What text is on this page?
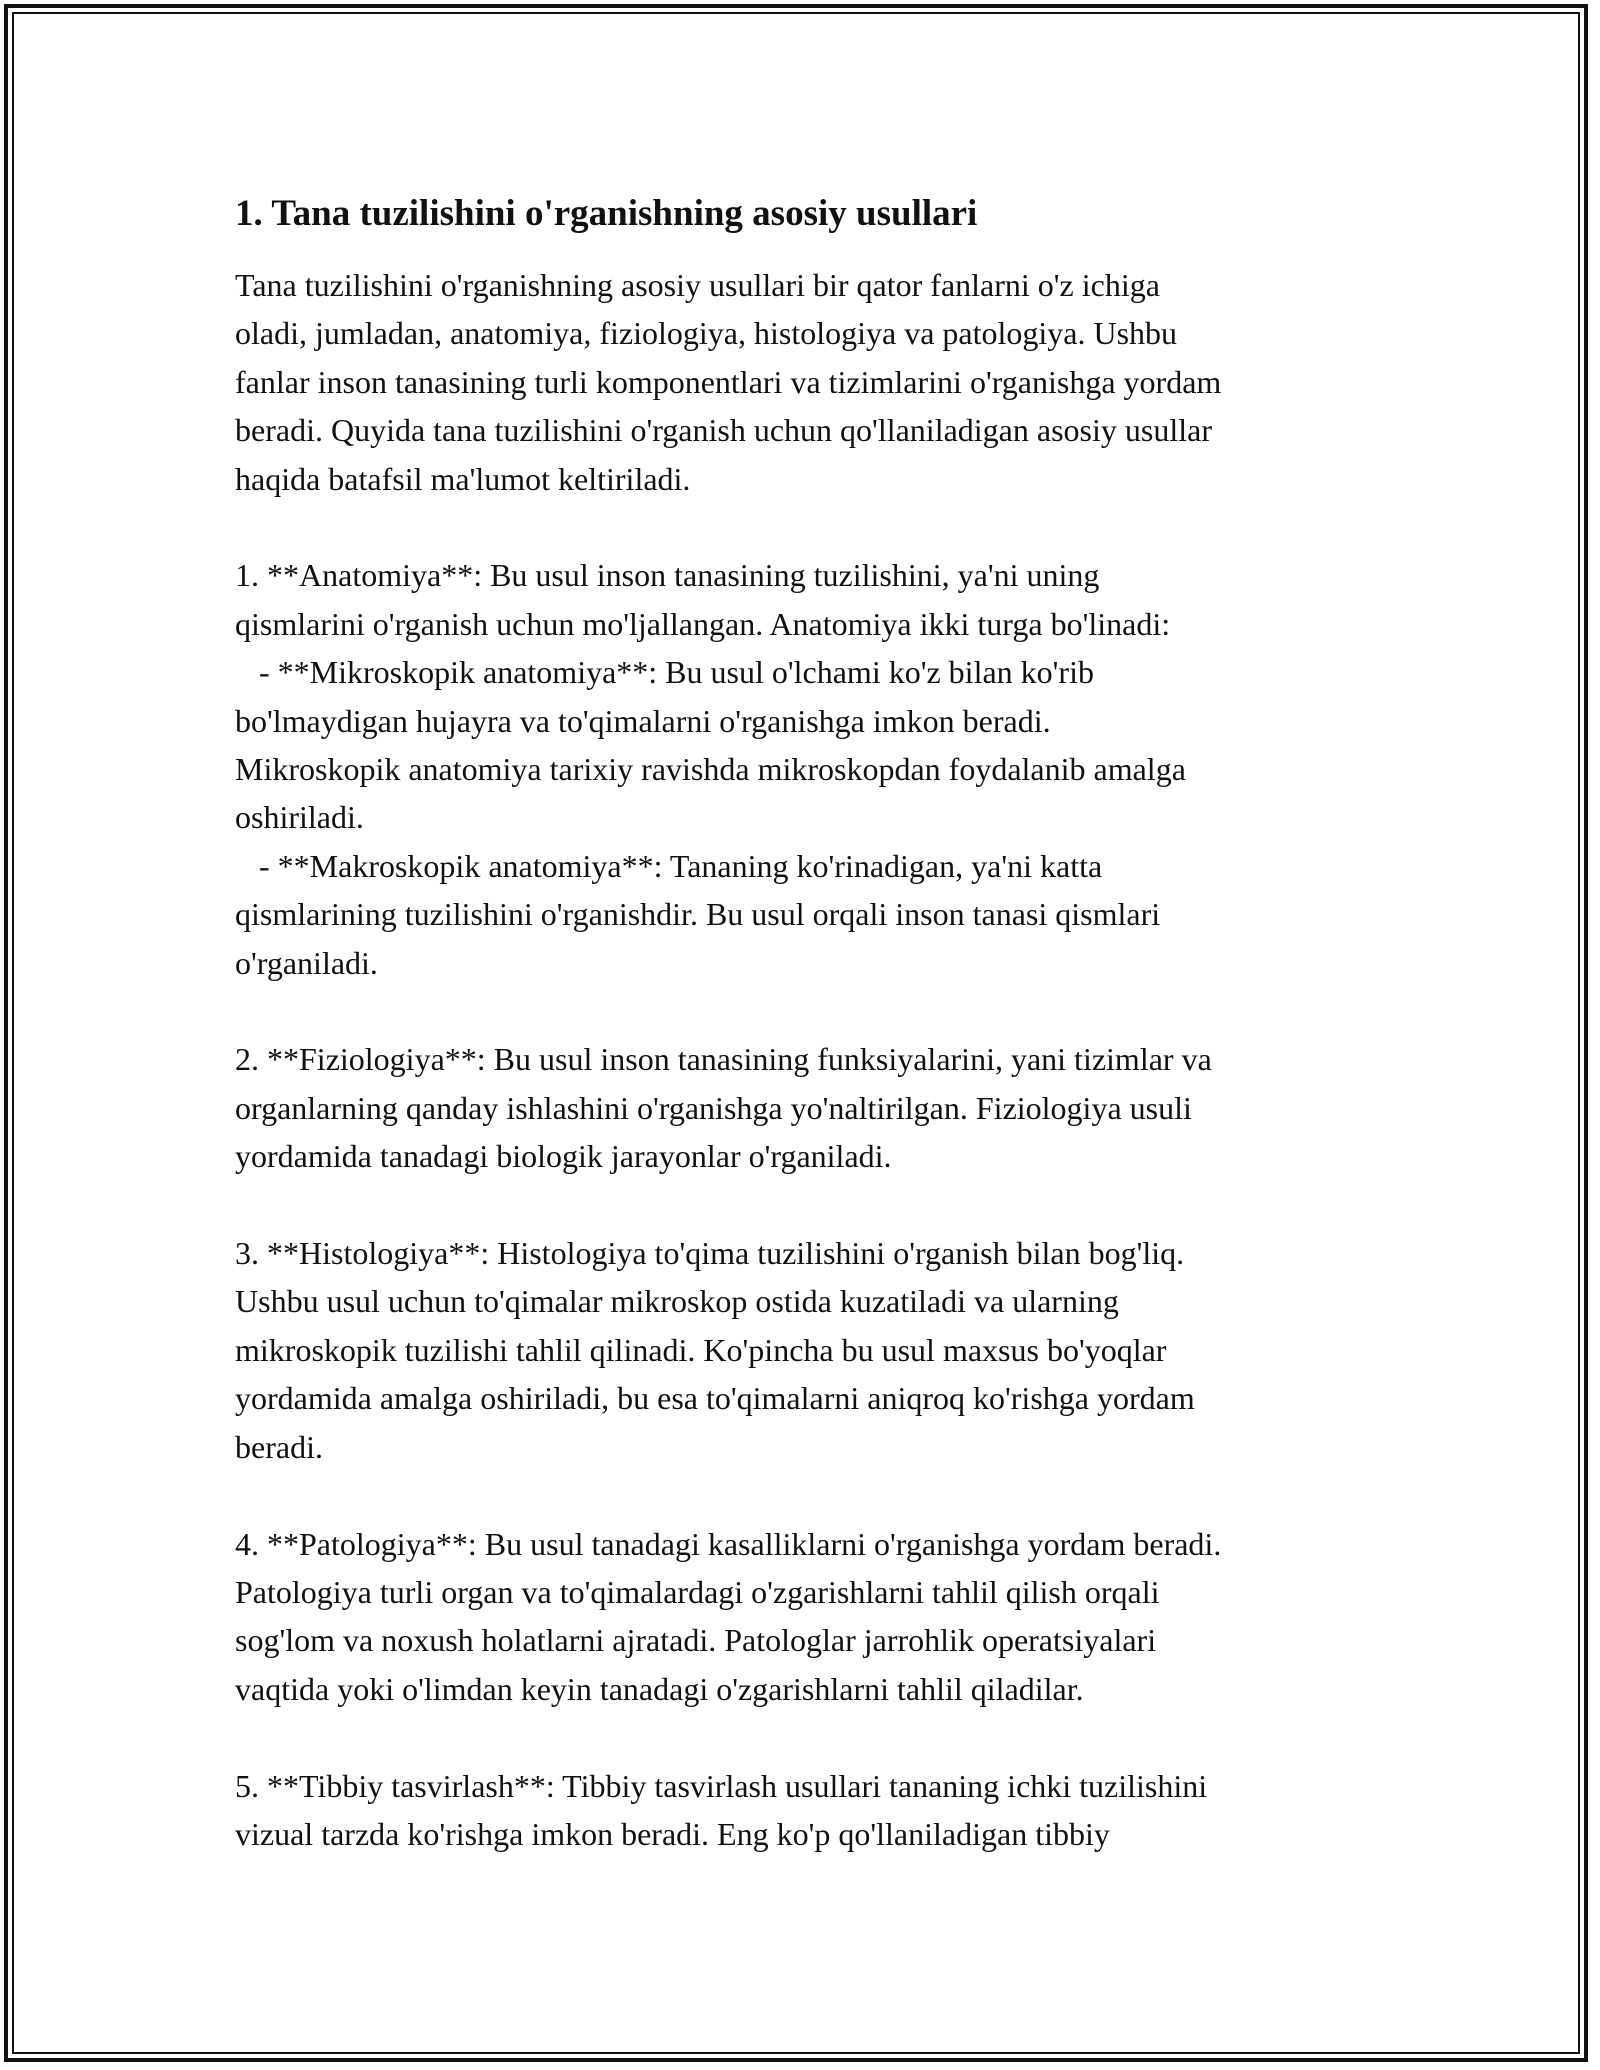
1. Tana tuzilishini o'rganishning asosiy usullari

Tana tuzilishini o'rganishning asosiy usullari bir qator fanlarni o'z ichiga
oladi, jumladan, anatomiya, fiziologiya, histologiya va patologiya. Ushbu
fanlar inson tanasining turli komponentlari va tizimlarini o'rganishga yordam
beradi. Quyida tana tuzilishini o'rganish uchun qo'llaniladigan asosiy usullar
haqida batafsil ma'lumot keltiriladi.

1. **Anatomiya**: Bu usul inson tanasining tuzilishini, ya'ni uning
qismlarini o'rganish uchun mo'ljallangan. Anatomiya ikki turga bo'linadi:
- **Mikroskopik anatomiya**: Bu usul o'lchami ko'z bilan ko'rib
bo'lmaydigan hujayra va to'qimalarni o'rganishga imkon beradi.
Mikroskopik anatomiya tarixiy ravishda mikroskopdan foydalanib amalga
oshiriladi.
- **Makroskopik anatomiya**: Tananing ko'rinadigan, ya'ni katta
qismlarining tuzilishini o'rganishdir. Bu usul orqali inson tanasi qismlari
o'rganiladi.

2. **Fiziologiya**: Bu usul inson tanasining funksiyalarini, yani tizimlar va
organlarning qanday ishlashini o'rganishga yo'naltirilgan. Fiziologiya usuli
yordamida tanadagi biologik jarayonlar o'rganiladi.

3. **Histologiya**: Histologiya to'qima tuzilishini o'rganish bilan bog'liq.
Ushbu usul uchun to'qimalar mikroskop ostida kuzatiladi va ularning
mikroskopik tuzilishi tahlil qilinadi. Ko'pincha bu usul maxsus bo'yoqlar
yordamida amalga oshiriladi, bu esa to'qimalarni aniqroq ko'rishga yordam
beradi.

4. **Patologiya**: Bu usul tanadagi kasalliklarni o'rganishga yordam beradi.
Patologiya turli organ va to'qimalardagi o'zgarishlarni tahlil qilish orqali
sog'lom va noxush holatlarni ajratadi. Patologlar jarrohlik operatsiyalari
vaqtida yoki o'limdan keyin tanadagi o'zgarishlarni tahlil qiladilar.

5. **Tibbiy tasvirlash**: Tibbiy tasvirlash usullari tananing ichki tuzilishini
vizual tarzda ko'rishga imkon beradi. Eng ko'p qo'llaniladigan tibbiy
